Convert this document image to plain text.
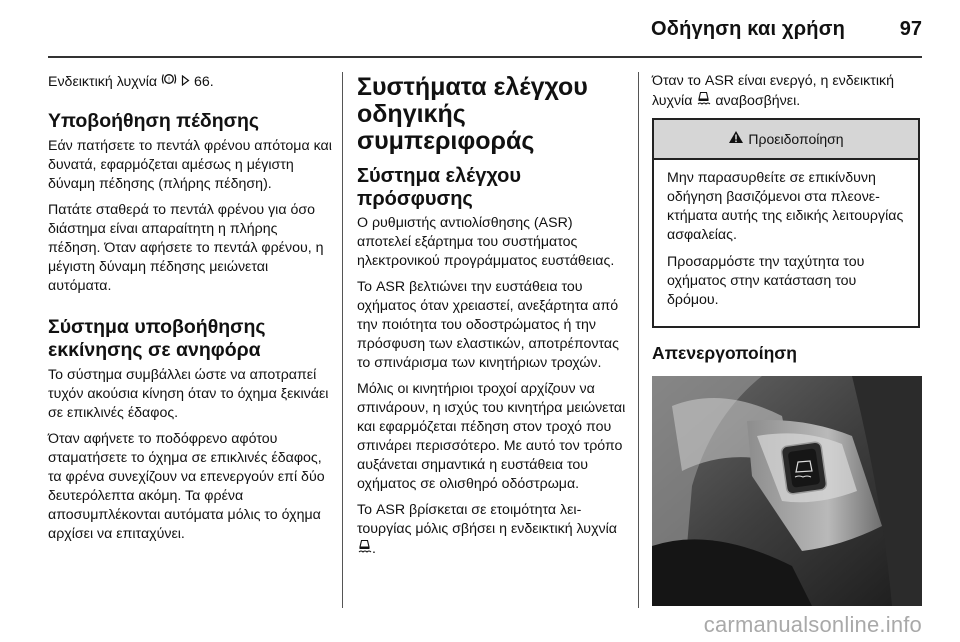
Οδήγηση και χρήση	97

Ενδεικτική λυχνία ! 66.

Υποβοήθηση πέδησης

Εάν πατήσετε το πεντάλ φρένου απότομα και δυνατά, εφαρμόζεται αμέσως η μέγιστη δύναμη πέδησης (πλήρης πέδηση).

Πατάτε σταθερά το πεντάλ φρένου για όσο διάστημα είναι απαραίτητη η πλήρης πέδηση. Όταν αφήσετε το πεντάλ φρένου, η μέγιστη δύναμη πέδησης μειώνεται αυτόματα.

Σύστημα υποβοήθησης εκκίνησης σε ανηφόρα

Το σύστημα συμβάλλει ώστε να αποτραπεί τυχόν ακούσια κίνηση όταν το όχημα ξεκινάει σε επικλινές έδαφος.

Όταν αφήνετε το ποδόφρενο αφότου σταματήσετε το όχημα σε επικλινές έδαφος, τα φρένα συνεχίζουν να επενεργούν επί δύο δευτερόλεπτα ακόμη. Τα φρένα αποσυμπλέκονται αυτόματα μόλις το όχημα αρχίσει να επιταχύνει.

Συστήματα ελέγχου οδηγικής συμπεριφοράς
Σύστημα ελέγχου πρόσφυσης

Ο ρυθμιστής αντιολίσθησης (ASR) αποτελεί εξάρτημα του συστήματος ηλεκτρονικού προγράμματος ευστάθειας.

Το ASR βελτιώνει την ευστάθεια του οχήματος όταν χρειαστεί, ανεξάρτητα από την ποιότητα του οδοστρώματος ή την πρόσφυση των ελαστικών, αποτρέποντας το σπινάρισμα των κινητήριων τροχών.

Μόλις οι κινητήριοι τροχοί αρχίζουν να σπινάρουν, η ισχύς του κινητήρα μειώνεται και εφαρμόζεται πέδηση στον τροχό που σπινάρει περισσότερο. Με αυτό τον τρόπο αυξάνεται σημαντικά η ευστάθεια του οχήματος σε ολισθηρό οδόστρωμα.

Το ASR βρίσκεται σε ετοιμότητα λειτουργίας μόλις σβήσει η ενδεικτική λυχνία .

Όταν το ASR είναι ενεργό, η ενδεικτική λυχνία αναβοσβήνει.

Προειδοποίηση

Μην παρασυρθείτε σε επικίνδυνη οδήγηση βασιζόμενοι στα πλεονεκτήματα αυτής της ειδικής λειτουργίας ασφαλείας.

Προσαρμόστε την ταχύτητα του οχήματος στην κατάσταση του δρόμου.

Απενεργοποίηση
carmanualsonline.info
